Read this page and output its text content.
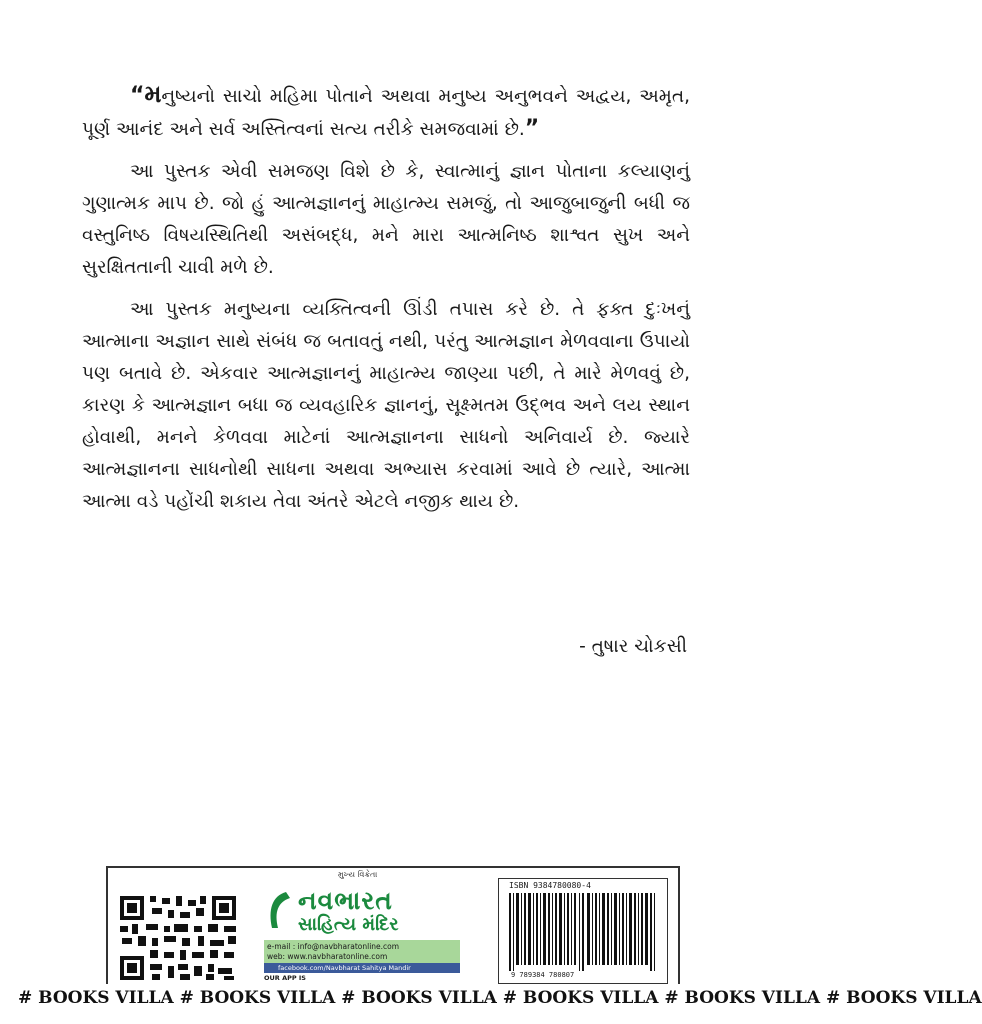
“મનુષ્યનો સાચો મહિમા પોતાને અથવા મનુષ્ય અનુભવને અદ્વય, અમૃત, પૂર્ણ આનંદ અને સર્વ અસ્તિત્વનાં સત્ય તરીકે સમજવામાં છે.”

આ પુસ્તક એવી સમજણ વિશે છે કે, સ્વાત્માનું જ્ઞાન પોતાના કલ્યાણનું ગુણાત્મક માપ છે. જો હું આત્મજ્ઞાનનું માહાત્મ્ય સમજું, તો આજુબાજુની બધી જ વસ્તુનિષ્ઠ વિષયસ્થિતિથી અસંબદ્ધ, મને મારા આત્મનિષ્ઠ શાશ્વત સુખ અને સુરક્ષિતતાની ચાવી મળે છે.

આ પુસ્તક મનુષ્યના વ્યક્તિત્વની ઊંડી તપાસ કરે છે. તે ફક્ત દુઃખનું આત્માના અજ્ઞાન સાથે સંબંધ જ બતાવતું નથી, પરંતુ આત્મજ્ઞાન મેળવવાના ઉપાયો પણ બતાવે છે. એકવાર આત્મજ્ઞાનનું માહાત્મ્ય જાણ્યા પછી, તે મારે મેળવવું છે, કારણ કે આત્મજ્ઞાન બધા જ વ્યવહારિક જ્ઞાનનું, સૂક્ષ્મતમ ઉદ્ભવ અને લય સ્થાન હોવાથી, મનને કેળવવા માટેનાં આત્મજ્ઞાનના સાધનો અનિવાર્ય છે. જ્યારે આત્મજ્ઞાનના સાધનોથી સાધના અથવા અભ્યાસ કરવામાં આવે છે ત્યારે, આત્મા આત્મા વડે પહોંચી શકાય તેવા અંતરે એટલે નજીક થાય છે.

- તુષાર ચોકસી
મુખ્ય વિક્રેતા
નવભારત
સાહિત્ય મંદિર
e-mail : info@navbharatonline.com
web: www.navbharatonline.com
facebook.com/Navbharat Sahitya Mandir
OUR APP IS
ISBN 9384780080-4
9 789384 780807
# BOOKS VILLA # BOOKS VILLA # BOOKS VILLA # BOOKS VILLA # BOOKS VILLA # BOOKS VILLA
